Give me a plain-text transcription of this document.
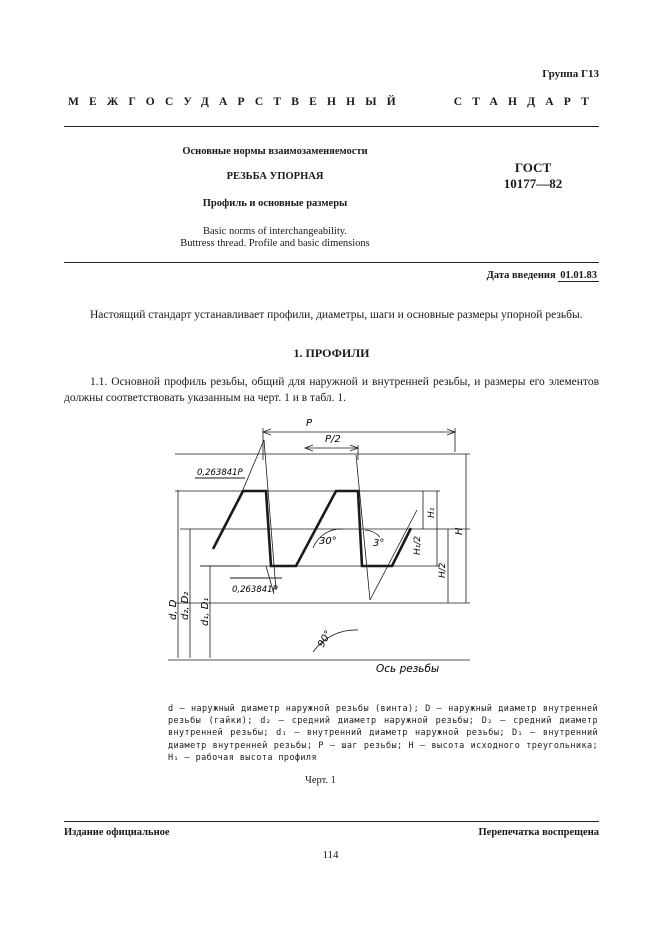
Группа Г13
МЕЖГОСУДАРСТВЕННЫЙ	СТАНДАРТ
Основные нормы взаимозаменяемости
РЕЗЬБА УПОРНАЯ
Профиль и основные размеры
Basic norms of interchangeability.
Buttress thread. Profile and basic dimensions
ГОСТ
10177—82
Дата введения 01.01.83
Настоящий стандарт устанавливает профили, диаметры, шаги и основные размеры упорной резьбы.
1. ПРОФИЛИ
1.1. Основной профиль резьбы, общий для наружной и внутренней резьбы, и размеры его элементов должны соответствовать указанным на черт. 1 и в табл. 1.
P
P/2
0,263841P
0,263841P
30°	3°
90°
H
H/2
H₁
H₁/2
d, D d₂, D₂ d₁, D₁
Ось резьбы
d — наружный диаметр наружной резьбы (винта); D — наружный диаметр внутренней резьбы (гайки); d₂ — средний диаметр наружной резьбы; D₂ — средний диаметр внутренней резьбы; d₁ — внутренний диаметр наружной резьбы; D₁ — внутренний диаметр внутренней резьбы; P — шаг резьбы; H — высота исходного треугольника; H₁ — рабочая высота профиля
Черт. 1
Издание официальное	Перепечатка воспрещена
114
